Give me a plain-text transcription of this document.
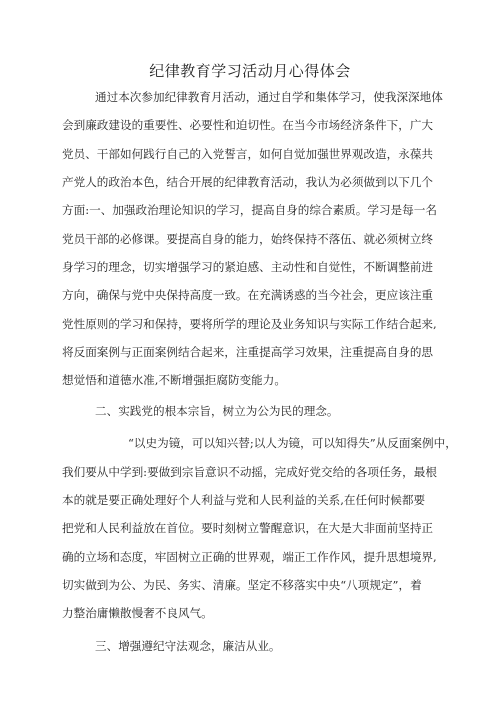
纪律教育学习活动月心得体会
通过本次参加纪律教育月活动，通过自学和集体学习，使我深深地体
会到廉政建设的重要性、必要性和迫切性。在当今市场经济条件下，广大
党员、干部如何践行自己的入党誓言，如何自觉加强世界观改造，永葆共
产党人的政治本色，结合开展的纪律教育活动，我认为必须做到以下几个
方面:一、加强政治理论知识的学习，提高自身的综合素质。学习是每一名
党员干部的必修课。要提高自身的能力，始终保持不落伍、就必须树立终
身学习的理念，切实增强学习的紧迫感、主动性和自觉性，不断调整前进
方向，确保与党中央保持高度一致。在充满诱惑的当今社会，更应该注重
党性原则的学习和保持，要将所学的理论及业务知识与实际工作结合起来,
将反面案例与正面案例结合起来，注重提高学习效果，注重提高自身的思
想觉悟和道德水准,不断增强拒腐防变能力。
二、实践党的根本宗旨，树立为公为民的理念。
“以史为镜，可以知兴替;以人为镜，可以知得失”从反面案例中，
我们要从中学到:要做到宗旨意识不动摇，完成好党交给的各项任务，最根
本的就是要正确处理好个人利益与党和人民利益的关系,在任何时候都要
把党和人民利益放在首位。要时刻树立警醒意识，在大是大非面前坚持正
确的立场和态度，牢固树立正确的世界观，端正工作作风，提升思想境界,
切实做到为公、为民、务实、清廉。坚定不移落实中央“八项规定”，着
力整治庸懒散慢奢不良风气。
三、增强遵纪守法观念，廉洁从业。
